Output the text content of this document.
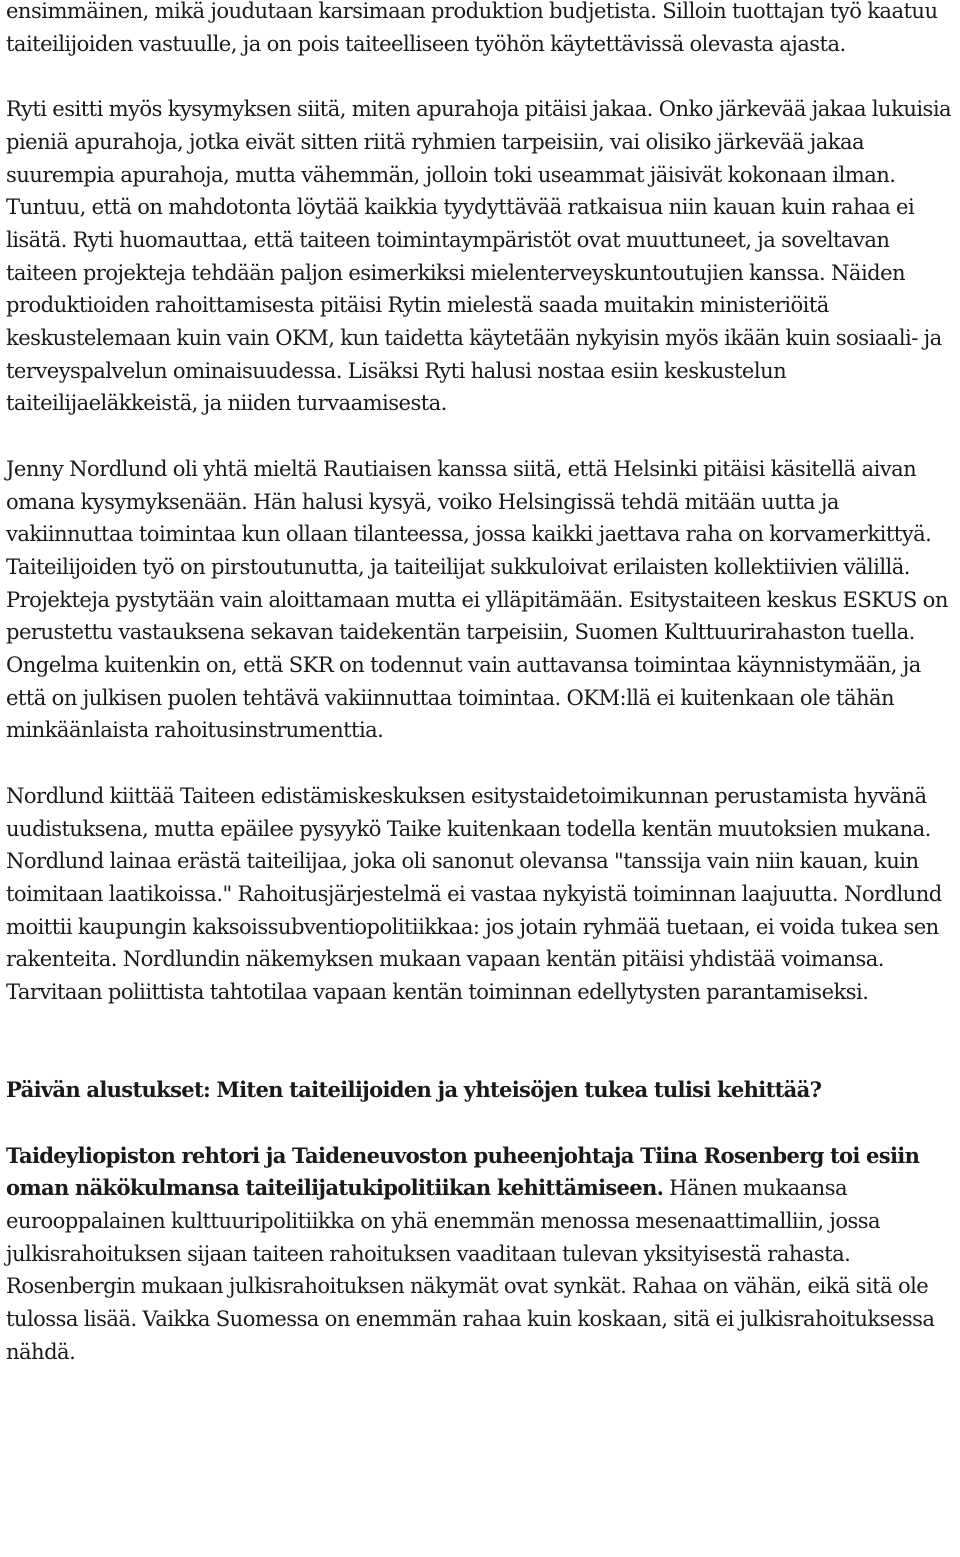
ensimmäinen, mikä joudutaan karsimaan produktion budjetista. Silloin tuottajan työ kaatuu taiteilijoiden vastuulle, ja on pois taiteelliseen työhön käytettävissä olevasta ajasta.

Ryti esitti myös kysymyksen siitä, miten apurahoja pitäisi jakaa. Onko järkevää jakaa lukuisia pieniä apurahoja, jotka eivät sitten riitä ryhmien tarpeisiin, vai olisiko järkevää jakaa suurempia apurahoja, mutta vähemmän, jolloin toki useammat jäisivät kokonaan ilman. Tuntuu, että on mahdotonta löytää kaikkia tyydyttävää ratkaisua niin kauan kuin rahaa ei lisätä. Ryti huomauttaa, että taiteen toimintaympäristöt ovat muuttuneet, ja soveltavan taiteen projekteja tehdään paljon esimerkiksi mielenterveyskuntoutujien kanssa. Näiden produktioiden rahoittamisesta pitäisi Rytin mielestä saada muitakin ministeriöitä keskustelemaan kuin vain OKM, kun taidetta käytetään nykyisin myös ikään kuin sosiaali- ja terveyspalvelun ominaisuudessa. Lisäksi Ryti halusi nostaa esiin keskustelun taiteilijaeläkkeistä, ja niiden turvaamisesta.

Jenny Nordlund oli yhtä mieltä Rautiaisen kanssa siitä, että Helsinki pitäisi käsitellä aivan omana kysymyksenään. Hän halusi kysyä, voiko Helsingissä tehdä mitään uutta ja vakiinnuttaa toimintaa kun ollaan tilanteessa, jossa kaikki jaettava raha on korvamerkittyä. Taiteilijoiden työ on pirstoutunutta, ja taiteilijat sukkuloivat erilaisten kollektiivien välillä. Projekteja pystytään vain aloittamaan mutta ei ylläpitämään. Esitystaiteen keskus ESKUS on perustettu vastauksena sekavan taidekentän tarpeisiin, Suomen Kulttuurirahaston tuella. Ongelma kuitenkin on, että SKR on todennut vain auttavansa toimintaa käynnistymään, ja että on julkisen puolen tehtävä vakiinnuttaa toimintaa. OKM:llä ei kuitenkaan ole tähän minkäänlaista rahoitusinstrumenttia.

Nordlund kiittää Taiteen edistämiskeskuksen esitystaidetoimikunnan perustamista hyvänä uudistuksena, mutta epäilee pysyykö Taike kuitenkaan todella kentän muutoksien mukana. Nordlund lainaa erästä taiteilijaa, joka oli sanonut olevansa "tanssija vain niin kauan, kuin toimitaan laatikoissa." Rahoitusjärjestelmä ei vastaa nykyistä toiminnan laajuutta. Nordlund moittii kaupungin kaksoissubventiopolitiikkaa: jos jotain ryhmää tuetaan, ei voida tukea sen rakenteita. Nordlundin näkemyksen mukaan vapaan kentän pitäisi yhdistää voimansa. Tarvitaan poliittista tahtotilaa vapaan kentän toiminnan edellytysten parantamiseksi.

Päivän alustukset: Miten taiteilijoiden ja yhteisöjen tukea tulisi kehittää?

Taideyliopiston rehtori ja Taideneuvoston puheenjohtaja Tiina Rosenberg toi esiin oman näkökulmansa taiteilijatukipolitiikan kehittämiseen. Hänen mukaansa eurooppalainen kulttuuripolitiikka on yhä enemmän menossa mesenaattimalliin, jossa julkisrahoituksen sijaan taiteen rahoituksen vaaditaan tulevan yksityisestä rahasta. Rosenbergin mukaan julkisrahoituksen näkymät ovat synkät. Rahaa on vähän, eikä sitä ole tulossa lisää. Vaikka Suomessa on enemmän rahaa kuin koskaan, sitä ei julkisrahoituksessa nähdä.
